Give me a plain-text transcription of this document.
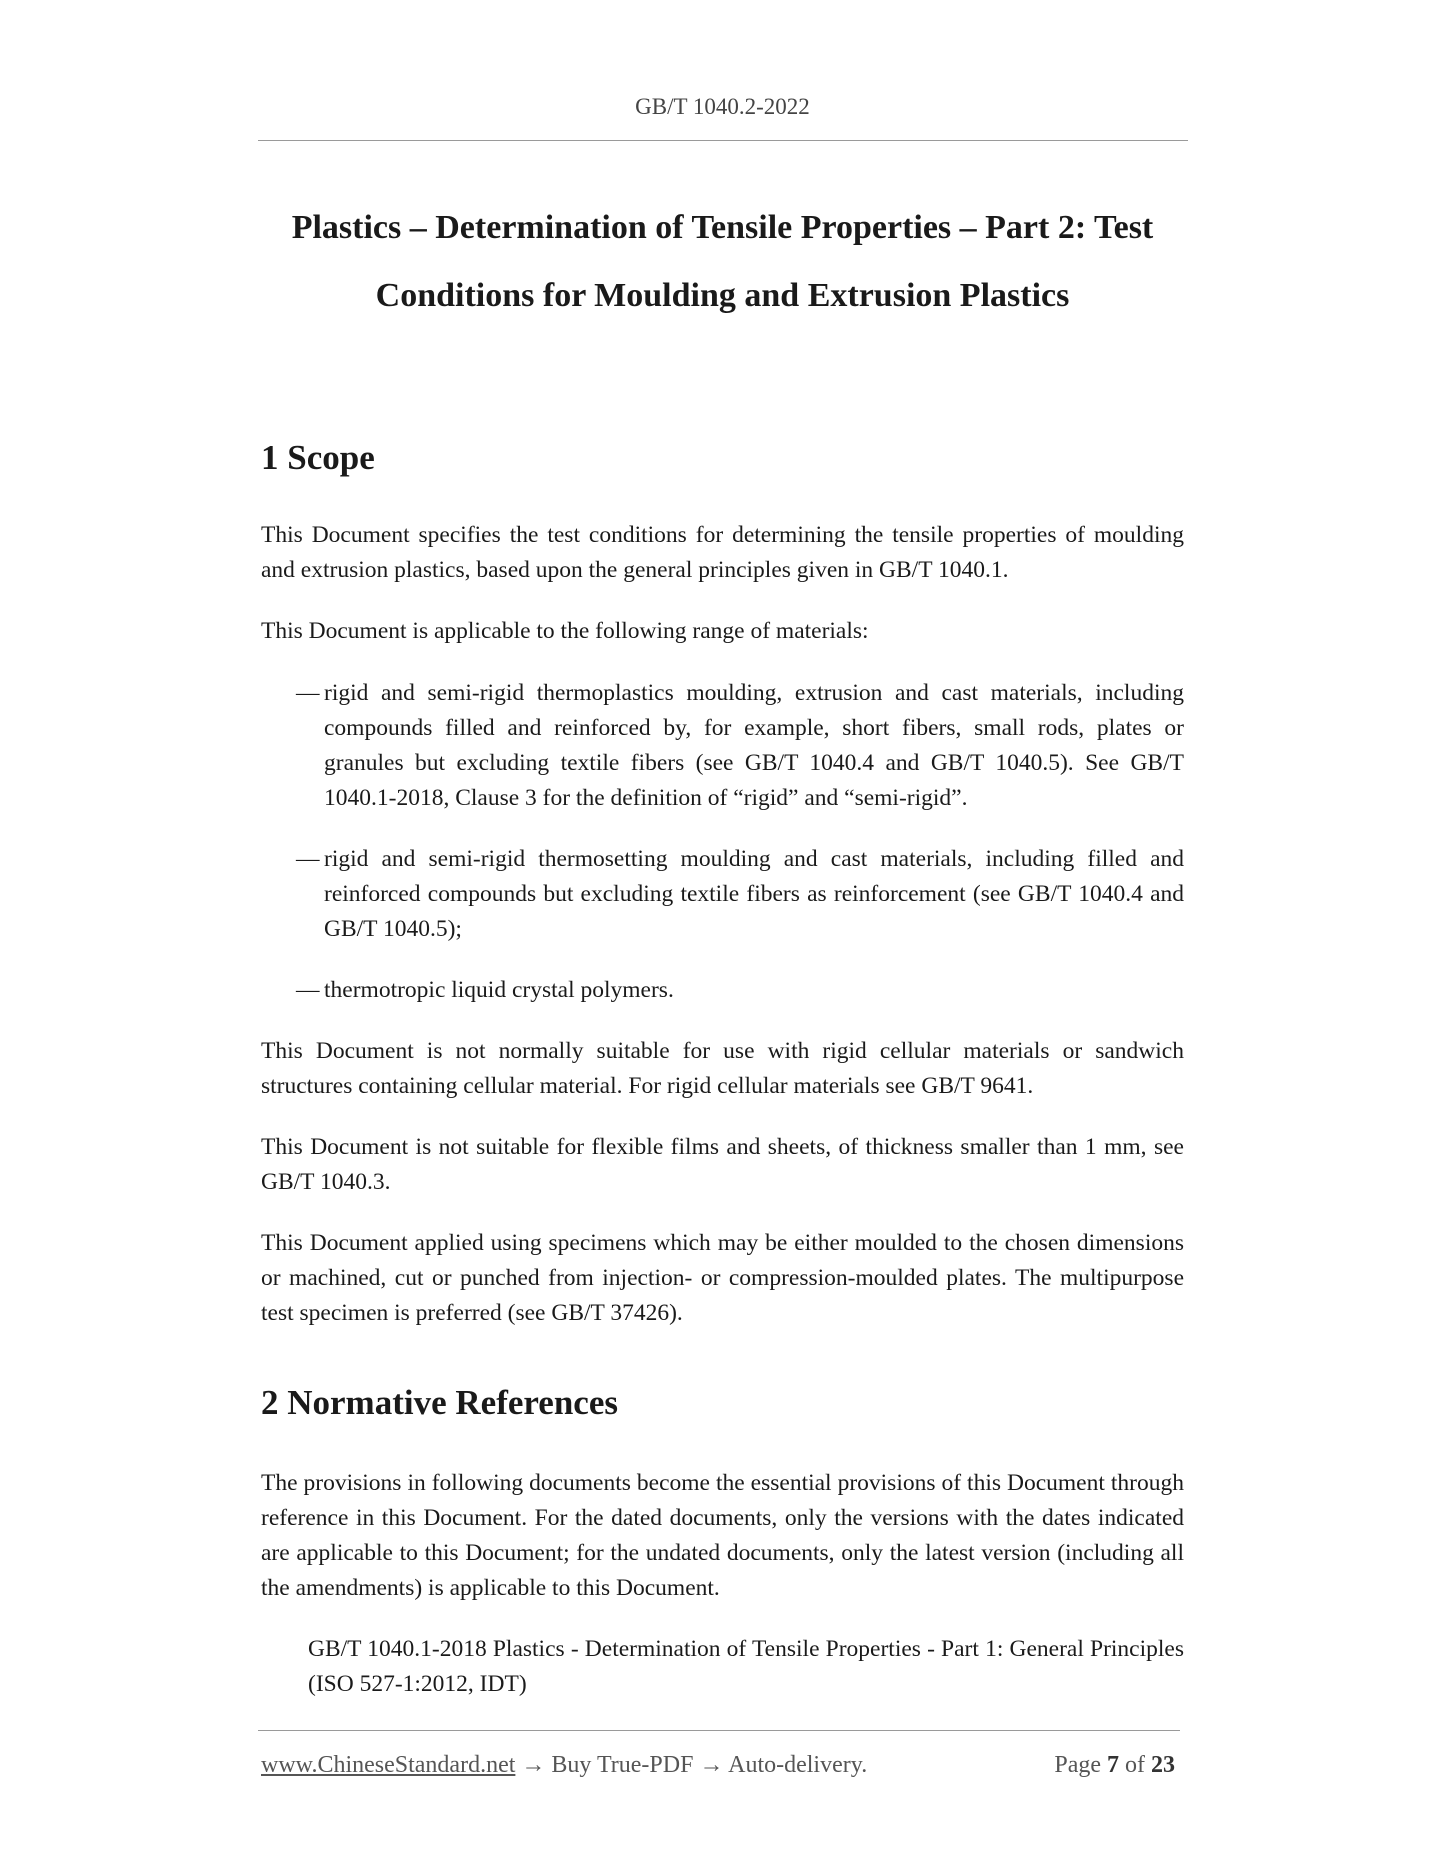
GB/T 1040.2-2022
Plastics – Determination of Tensile Properties – Part 2: Test
Conditions for Moulding and Extrusion Plastics
1 Scope

This Document specifies the test conditions for determining the tensile properties of moulding and extrusion plastics, based upon the general principles given in GB/T 1040.1.

This Document is applicable to the following range of materials:

— rigid and semi-rigid thermoplastics moulding, extrusion and cast materials, including compounds filled and reinforced by, for example, short fibers, small rods, plates or granules but excluding textile fibers (see GB/T 1040.4 and GB/T 1040.5). See GB/T 1040.1-2018, Clause 3 for the definition of “rigid” and “semi-rigid”.

— rigid and semi-rigid thermosetting moulding and cast materials, including filled and reinforced compounds but excluding textile fibers as reinforcement (see GB/T 1040.4 and GB/T 1040.5);

— thermotropic liquid crystal polymers.

This Document is not normally suitable for use with rigid cellular materials or sandwich structures containing cellular material. For rigid cellular materials see GB/T 9641.

This Document is not suitable for flexible films and sheets, of thickness smaller than 1 mm, see GB/T 1040.3.

This Document applied using specimens which may be either moulded to the chosen dimensions or machined, cut or punched from injection‑ or compression‑moulded plates. The multipurpose test specimen is preferred (see GB/T 37426).

2 Normative References

The provisions in following documents become the essential provisions of this Document through reference in this Document. For the dated documents, only the versions with the dates indicated are applicable to this Document; for the undated documents, only the latest version (including all the amendments) is applicable to this Document.

GB/T 1040.1-2018 Plastics - Determination of Tensile Properties - Part 1: General Principles (ISO 527-1:2012, IDT)

www.ChineseStandard.net → Buy True-PDF → Auto-delivery.	Page 7 of 23
